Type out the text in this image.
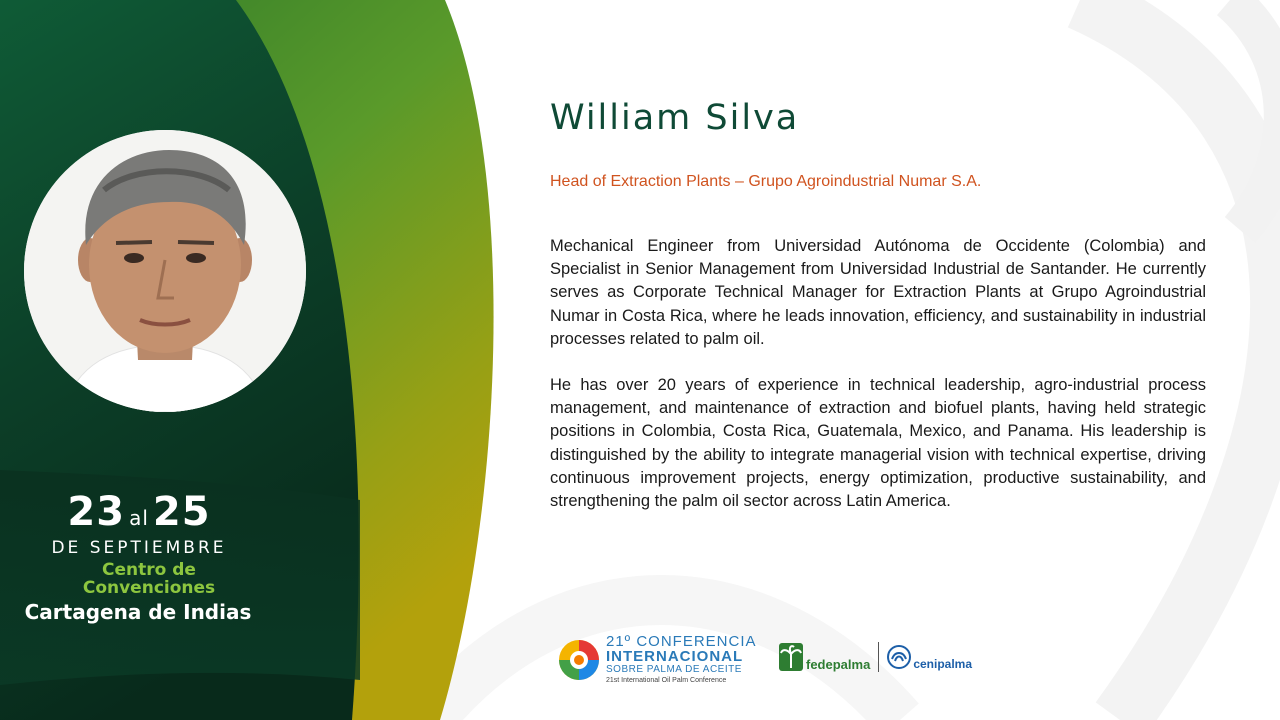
23 al 25
DE SEPTIEMBRE
Centro de
Convenciones
Cartagena de Indias
William Silva
Head of Extraction Plants – Grupo Agroindustrial Numar S.A.

Mechanical Engineer from Universidad Autónoma de Occidente (Colombia) and Specialist in Senior Management from Universidad Industrial de Santander. He currently serves as Corporate Technical Manager for Extraction Plants at Grupo Agroindustrial Numar in Costa Rica, where he leads innovation, efficiency, and sustainability in industrial processes related to palm oil.

He has over 20 years of experience in technical leadership, agro-industrial process management, and maintenance of extraction and biofuel plants, having held strategic positions in Colombia, Costa Rica, Guatemala, Mexico, and Panama. His leadership is distinguished by the ability to integrate managerial vision with technical expertise, driving continuous improvement projects, energy optimization, productive sustainability, and strengthening the palm oil sector across Latin America.

21º CONFERENCIA
INTERNACIONAL
SOBRE PALMA DE ACEITE
21st International Oil Palm Conference
fedepalma	cenipalma
